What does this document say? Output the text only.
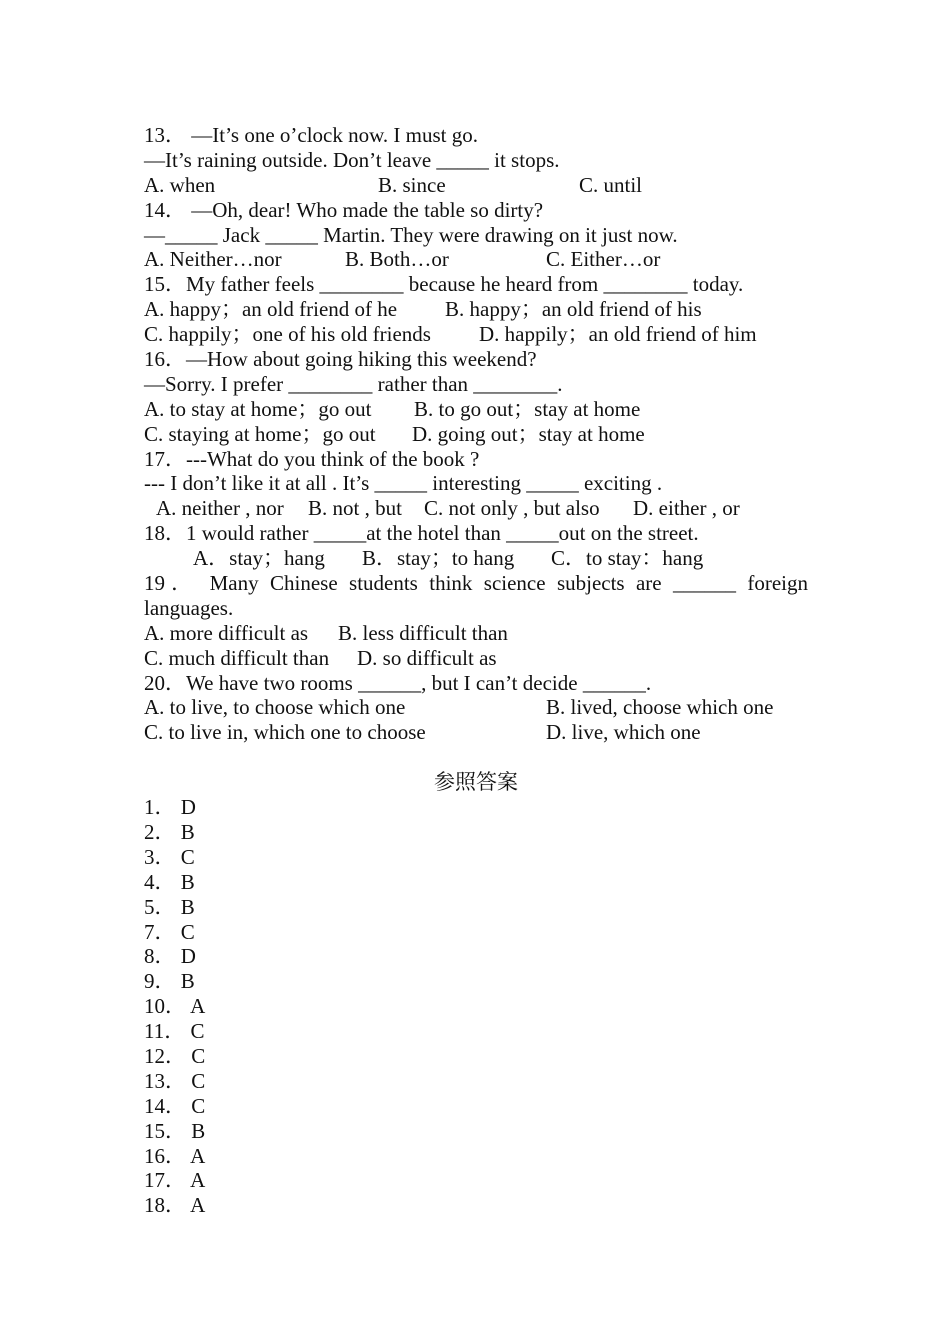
13． —It’s one o’clock now. I must go.
—It’s raining outside. Don’t leave _____ it stops.
A. when	B. since	C. until
14． —Oh, dear! Who made the table so dirty?
—_____ Jack _____ Martin. They were drawing on it just now.
A. Neither…nor	B. Both…or	C. Either…or
15．My father feels ________ because he heard from ________ today.
A. happy；an old friend of he	B. happy；an old friend of his
C. happily；one of his old friends	D. happily；an old friend of him
16．—How about going hiking this weekend?
—Sorry. I prefer ________ rather than ________.
A. to stay at home；go out	B. to go out；stay at home
C. staying at home；go out	D. going out；stay at home
17．---What do you think of the book ?
--- I don’t like it at all . It’s _____ interesting _____ exciting .
A. neither , nor	B. not , but	C. not only , but also	D. either , or
18．1 would rather _____at the hotel than _____out on the street.
A．stay；hang	B．stay；to hang	C．to stay：hang
19． Many Chinese students think science subjects are ______ foreign
languages.
A. more difficult as	B. less difficult than
C. much difficult than	D. so difficult as
20．We have two rooms ______, but I can’t decide ______.
A. to live, to choose which one	B. lived, choose which one
C. to live in, which one to choose	D. live, which one
参照答案
1． D
2． B
3． C
4． B
5． B
7． C
8． D
9． B
10． A
11． C
12． C
13． C
14． C
15． B
16． A
17． A
18． A
